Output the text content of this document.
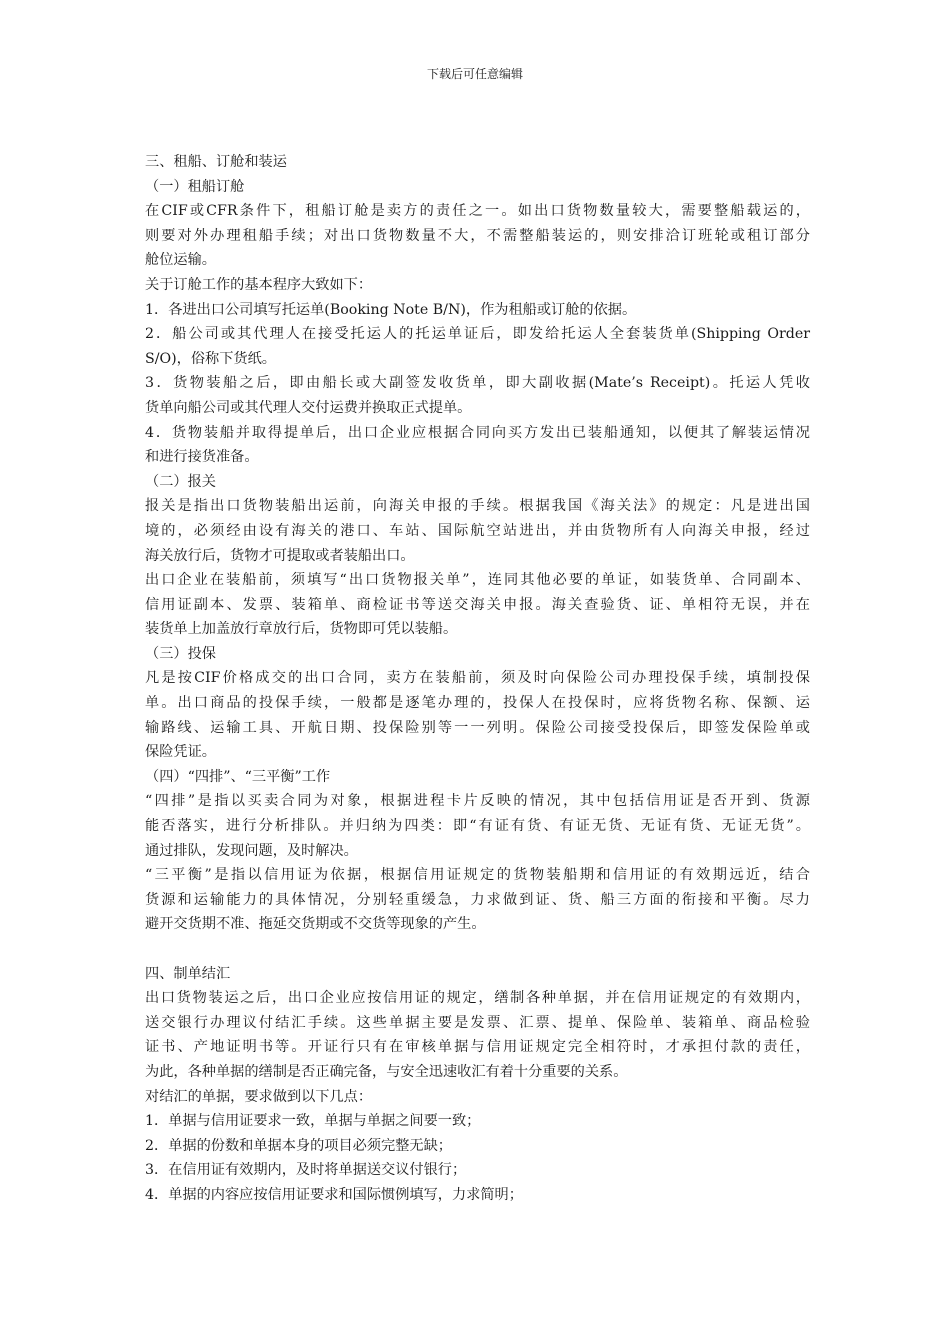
下载后可任意编辑
三、租船、订舱和装运
（一）租船订舱
在CIF或CFR条件下，租船订舱是卖方的责任之一。如出口货物数量较大，需要整船载运的，
则要对外办理租船手续；对出口货物数量不大，不需整船装运的，则安排洽订班轮或租订部分
舱位运输。
关于订舱工作的基本程序大致如下：
1．各进出口公司填写托运单(Booking Note B/N)，作为租船或订舱的依据。
2．船公司或其代理人在接受托运人的托运单证后，即发给托运人全套装货单(Shipping Order
S/O)，俗称下货纸。
3．货物装船之后，即由船长或大副签发收货单，即大副收据(Mate’s Receipt)。托运人凭收
货单向船公司或其代理人交付运费并换取正式提单。
4．货物装船并取得提单后，出口企业应根据合同向买方发出已装船通知，以便其了解装运情况
和进行接货准备。
（二）报关
报关是指出口货物装船出运前，向海关申报的手续。根据我国《海关法》的规定：凡是进出国
境的，必须经由设有海关的港口、车站、国际航空站进出，并由货物所有人向海关申报，经过
海关放行后，货物才可提取或者装船出口。
出口企业在装船前，须填写“出口货物报关单”，连同其他必要的单证，如装货单、合同副本、
信用证副本、发票、装箱单、商检证书等送交海关申报。海关查验货、证、单相符无误，并在
装货单上加盖放行章放行后，货物即可凭以装船。
（三）投保
凡是按CIF价格成交的出口合同，卖方在装船前，须及时向保险公司办理投保手续，填制投保
单。出口商品的投保手续，一般都是逐笔办理的，投保人在投保时，应将货物名称、保额、运
输路线、运输工具、开航日期、投保险别等一一列明。保险公司接受投保后，即签发保险单或
保险凭证。
（四）“四排”、“三平衡”工作
“四排”是指以买卖合同为对象，根据进程卡片反映的情况，其中包括信用证是否开到、货源
能否落实，进行分析排队。并归纳为四类：即“有证有货、有证无货、无证有货、无证无货”。
通过排队，发现问题，及时解决。
“三平衡”是指以信用证为依据，根据信用证规定的货物装船期和信用证的有效期远近，结合
货源和运输能力的具体情况，分别轻重缓急，力求做到证、货、船三方面的衔接和平衡。尽力
避开交货期不准、拖延交货期或不交货等现象的产生。
四、制单结汇
出口货物装运之后，出口企业应按信用证的规定，缮制各种单据，并在信用证规定的有效期内，
送交银行办理议付结汇手续。这些单据主要是发票、汇票、提单、保险单、装箱单、商品检验
证书、产地证明书等。开证行只有在审核单据与信用证规定完全相符时，才承担付款的责任，
为此，各种单据的缮制是否正确完备，与安全迅速收汇有着十分重要的关系。
对结汇的单据，要求做到以下几点：
1．单据与信用证要求一致，单据与单据之间要一致；
2．单据的份数和单据本身的项目必须完整无缺；
3．在信用证有效期内，及时将单据送交议付银行；
4．单据的内容应按信用证要求和国际惯例填写，力求简明；
